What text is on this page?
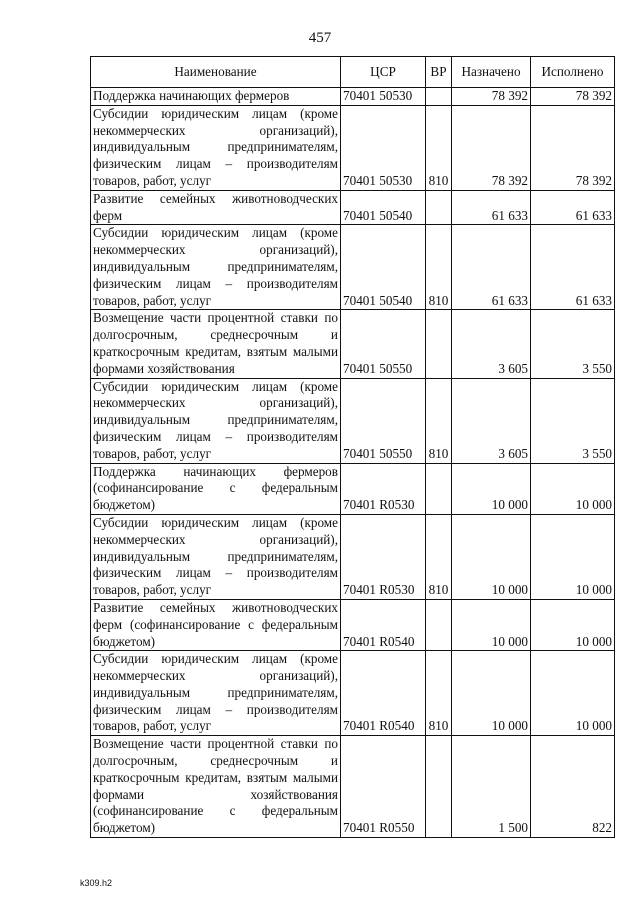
457
Наименование	ЦСР	ВР	Назначено	Исполнено
Поддержка начинающих фермеров	70401 50530		78 392	78 392
Субсидии юридическим лицам (кроме некоммерческих организаций), индивидуальным предпринимателям, физическим лицам – производителям товаров, работ, услуг	70401 50530	810	78 392	78 392
Развитие семейных животноводческих ферм	70401 50540		61 633	61 633
Субсидии юридическим лицам (кроме некоммерческих организаций), индивидуальным предпринимателям, физическим лицам – производителям товаров, работ, услуг	70401 50540	810	61 633	61 633
Возмещение части процентной ставки по долгосрочным, среднесрочным и краткосрочным кредитам, взятым малыми формами хозяйствования	70401 50550		3 605	3 550
Субсидии юридическим лицам (кроме некоммерческих организаций), индивидуальным предпринимателям, физическим лицам – производителям товаров, работ, услуг	70401 50550	810	3 605	3 550
Поддержка начинающих фермеров (софинансирование с федеральным бюджетом)	70401 R0530		10 000	10 000
Субсидии юридическим лицам (кроме некоммерческих организаций), индивидуальным предпринимателям, физическим лицам – производителям товаров, работ, услуг	70401 R0530	810	10 000	10 000
Развитие семейных животноводческих ферм (софинансирование с федеральным бюджетом)	70401 R0540		10 000	10 000
Субсидии юридическим лицам (кроме некоммерческих организаций), индивидуальным предпринимателям, физическим лицам – производителям товаров, работ, услуг	70401 R0540	810	10 000	10 000
Возмещение части процентной ставки по долгосрочным, среднесрочным и краткосрочным кредитам, взятым малыми формами хозяйствования (софинансирование с федеральным бюджетом)	70401 R0550		1 500	822
k309.h2
